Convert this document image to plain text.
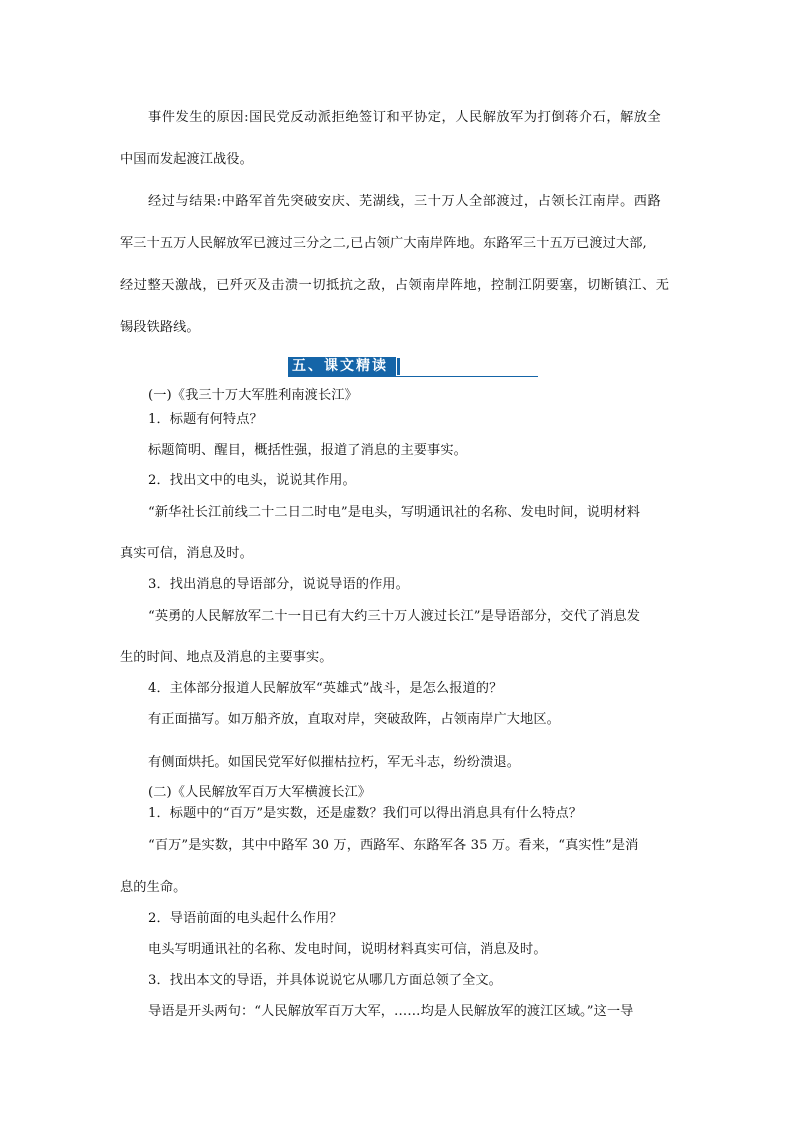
事件发生的原因:国民党反动派拒绝签订和平协定，人民解放军为打倒蒋介石，解放全
中国而发起渡江战役。
经过与结果:中路军首先突破安庆、芜湖线，三十万人全部渡过，占领长江南岸。西路
军三十五万人民解放军已渡过三分之二,已占领广大南岸阵地。东路军三十五万已渡过大部,
经过整天激战，已歼灭及击溃一切抵抗之敌，占领南岸阵地，控制江阴要塞，切断镇江、无
锡段铁路线。
五、课文精读
(一)《我三十万大军胜利南渡长江》
1．标题有何特点？
标题简明、醒目，概括性强，报道了消息的主要事实。
2．找出文中的电头，说说其作用。
“新华社长江前线二十二日二时电”是电头，写明通讯社的名称、发电时间，说明材料
真实可信，消息及时。
3．找出消息的导语部分，说说导语的作用。
“英勇的人民解放军二十一日已有大约三十万人渡过长江”是导语部分，交代了消息发
生的时间、地点及消息的主要事实。
4．主体部分报道人民解放军“英雄式”战斗，是怎么报道的？
有正面描写。如万船齐放，直取对岸，突破敌阵，占领南岸广大地区。
有侧面烘托。如国民党军好似摧枯拉朽，军无斗志，纷纷溃退。
(二)《人民解放军百万大军横渡长江》
1．标题中的“百万”是实数，还是虚数？我们可以得出消息具有什么特点？
“百万”是实数，其中中路军 30 万，西路军、东路军各 35 万。看来，“真实性”是消
息的生命。
2．导语前面的电头起什么作用？
电头写明通讯社的名称、发电时间，说明材料真实可信，消息及时。
3．找出本文的导语，并具体说说它从哪几方面总领了全文。
导语是开头两句：“人民解放军百万大军，……均是人民解放军的渡江区域。”这一导
